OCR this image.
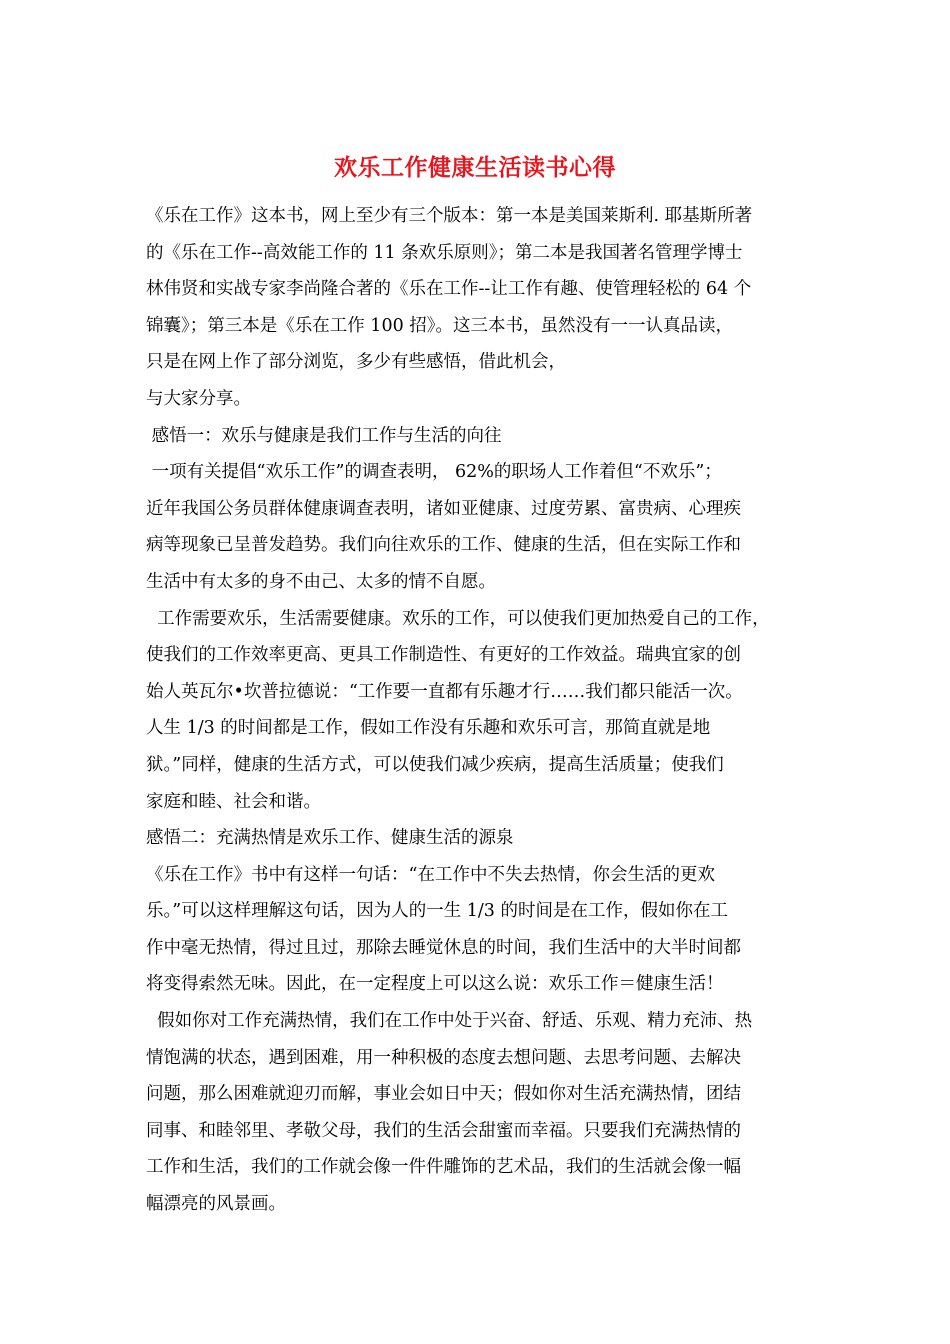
欢乐工作健康生活读书心得
《乐在工作》这本书，网上至少有三个版本：第一本是美国莱斯利. 耶基斯所著
的《乐在工作--高效能工作的 11 条欢乐原则》；第二本是我国著名管理学博士
林伟贤和实战专家李尚隆合著的《乐在工作--让工作有趣、使管理轻松的 64 个
锦囊》；第三本是《乐在工作 100 招》。这三本书，虽然没有一一认真品读，
只是在网上作了部分浏览，多少有些感悟，借此机会，
与大家分享。
感悟一：欢乐与健康是我们工作与生活的向往
一项有关提倡“欢乐工作”的调查表明， 62%的职场人工作着但“不欢乐”；
近年我国公务员群体健康调查表明，诸如亚健康、过度劳累、富贵病、心理疾
病等现象已呈普发趋势。我们向往欢乐的工作、健康的生活，但在实际工作和
生活中有太多的身不由己、太多的情不自愿。
工作需要欢乐，生活需要健康。欢乐的工作，可以使我们更加热爱自己的工作，
使我们的工作效率更高、更具工作制造性、有更好的工作效益。瑞典宜家的创
始人英瓦尔•坎普拉德说：“工作要一直都有乐趣才行……我们都只能活一次。
人生 1/3 的时间都是工作，假如工作没有乐趣和欢乐可言，那简直就是地
狱。”同样，健康的生活方式，可以使我们减少疾病，提高生活质量；使我们
家庭和睦、社会和谐。
感悟二：充满热情是欢乐工作、健康生活的源泉
《乐在工作》书中有这样一句话：“在工作中不失去热情，你会生活的更欢
乐。”可以这样理解这句话，因为人的一生 1/3 的时间是在工作，假如你在工
作中毫无热情，得过且过，那除去睡觉休息的时间，我们生活中的大半时间都
将变得索然无味。因此，在一定程度上可以这么说：欢乐工作＝健康生活！
假如你对工作充满热情，我们在工作中处于兴奋、舒适、乐观、精力充沛、热
情饱满的状态，遇到困难，用一种积极的态度去想问题、去思考问题、去解决
问题，那么困难就迎刃而解，事业会如日中天；假如你对生活充满热情，团结
同事、和睦邻里、孝敬父母，我们的生活会甜蜜而幸福。只要我们充满热情的
工作和生活，我们的工作就会像一件件雕饰的艺术品，我们的生活就会像一幅
幅漂亮的风景画。
